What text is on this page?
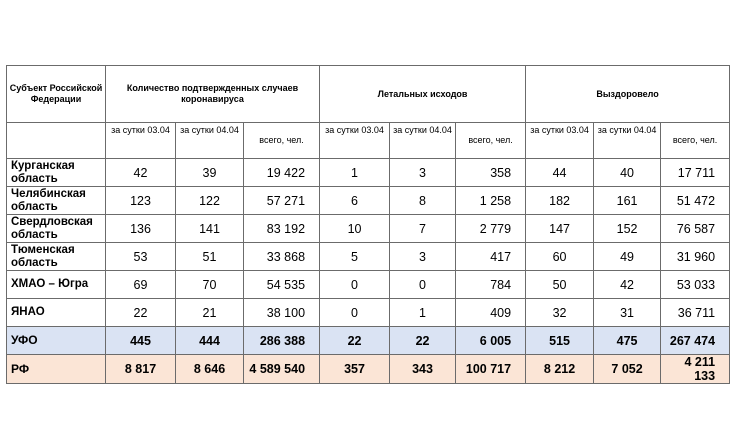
Субъект Российской Федерации	Количество подтвержденных случаев коронавируса			Летальных исходов			Выздоровело		
	за сутки 03.04	за сутки 04.04	всего, чел.	за сутки 03.04	за сутки 04.04	всего, чел.	за сутки 03.04	за сутки 04.04	всего, чел.
Курганская область	42	39	19 422	1	3	358	44	40	17 711
Челябинская область	123	122	57 271	6	8	1 258	182	161	51 472
Свердловская область	136	141	83 192	10	7	2 779	147	152	76 587
Тюменская область	53	51	33 868	5	3	417	60	49	31 960
ХМАО – Югра	69	70	54 535	0	0	784	50	42	53 033
ЯНАО	22	21	38 100	0	1	409	32	31	36 711
УФО	445	444	286 388	22	22	6 005	515	475	267 474
РФ	8 817	8 646	4 589 540	357	343	100 717	8 212	7 052	4 211 133
